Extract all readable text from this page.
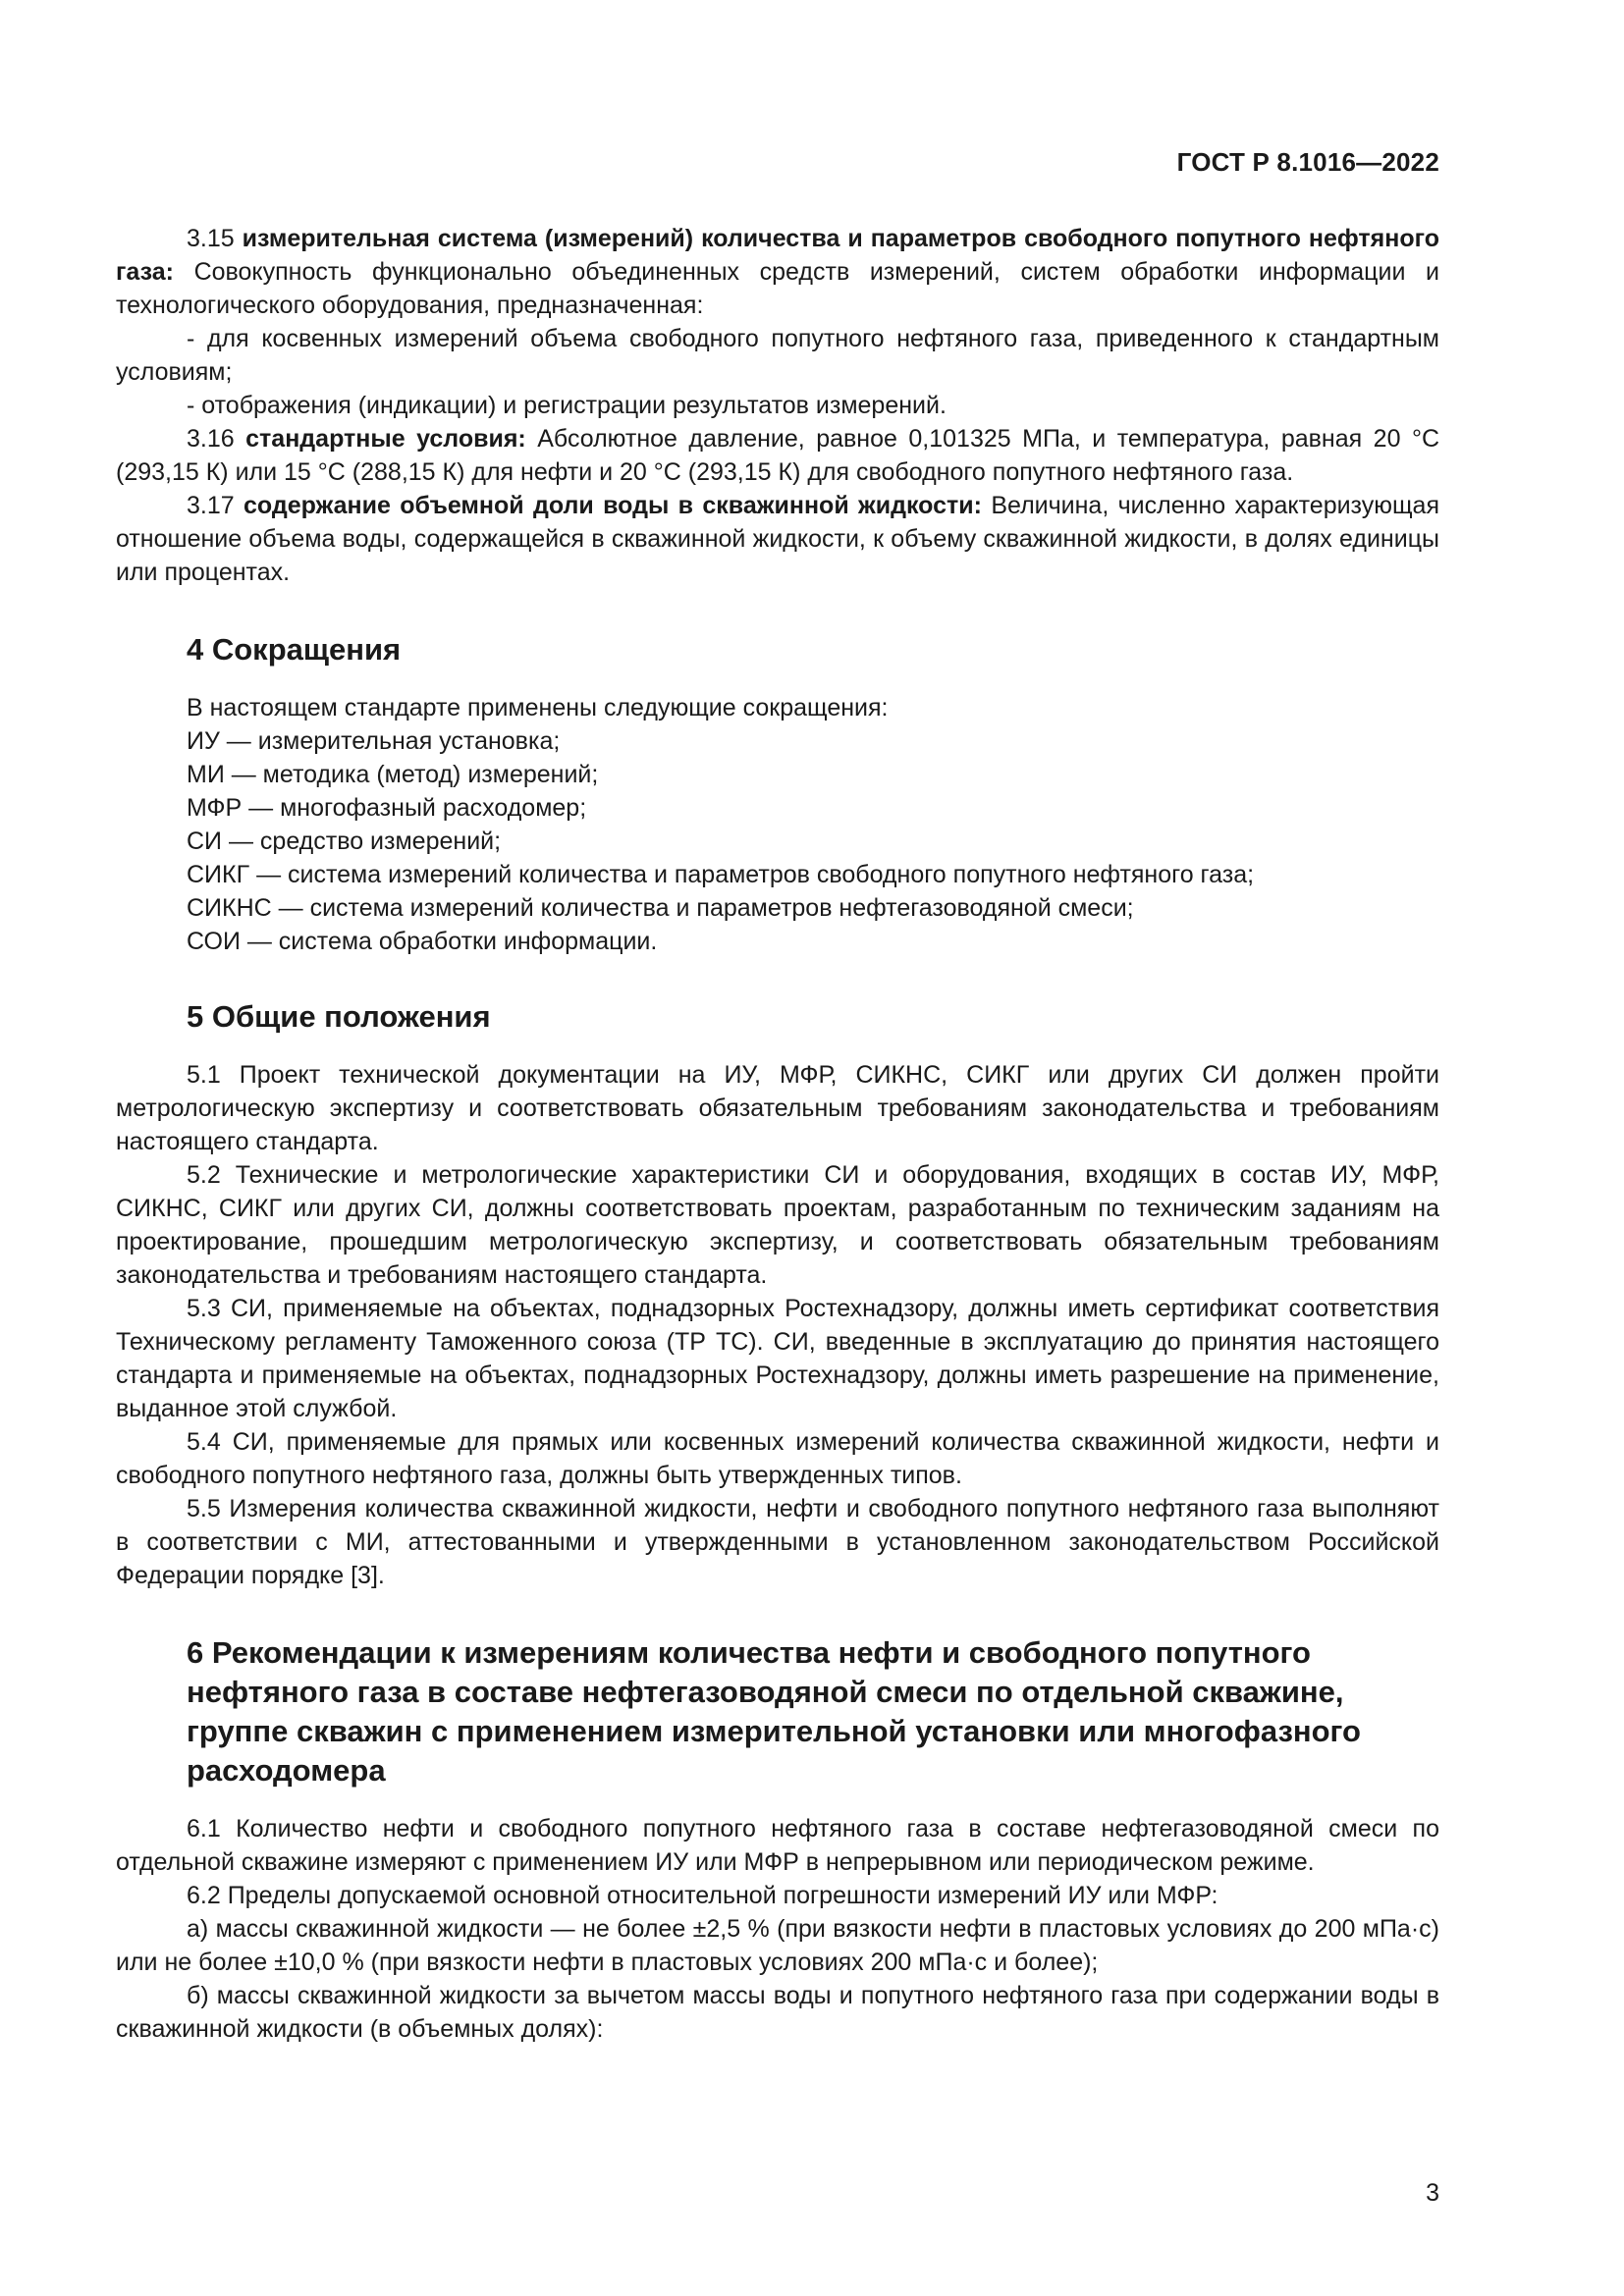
ГОСТ Р 8.1016—2022

3.15 измерительная система (измерений) количества и параметров свободного попутного нефтяного газа: Совокупность функционально объединенных средств измерений, систем обработки информации и технологического оборудования, предназначенная:

- для косвенных измерений объема свободного попутного нефтяного газа, приведенного к стандартным условиям;

- отображения (индикации) и регистрации результатов измерений.

3.16 стандартные условия: Абсолютное давление, равное 0,101325 МПа, и температура, равная 20 °С (293,15 К) или 15 °С (288,15 К) для нефти и 20 °С (293,15 К) для свободного попутного нефтяного газа.

3.17 содержание объемной доли воды в скважинной жидкости: Величина, численно характеризующая отношение объема воды, содержащейся в скважинной жидкости, к объему скважинной жидкости, в долях единицы или процентах.

4 Сокращения

В настоящем стандарте применены следующие сокращения:

ИУ — измерительная установка;

МИ — методика (метод) измерений;

МФР — многофазный расходомер;

СИ — средство измерений;

СИКГ — система измерений количества и параметров свободного попутного нефтяного газа;

СИКНС — система измерений количества и параметров нефтегазоводяной смеси;

СОИ — система обработки информации.

5 Общие положения

5.1 Проект технической документации на ИУ, МФР, СИКНС, СИКГ или других СИ должен пройти метрологическую экспертизу и соответствовать обязательным требованиям законодательства и требованиям настоящего стандарта.

5.2 Технические и метрологические характеристики СИ и оборудования, входящих в состав ИУ, МФР, СИКНС, СИКГ или других СИ, должны соответствовать проектам, разработанным по техническим заданиям на проектирование, прошедшим метрологическую экспертизу, и соответствовать обязательным требованиям законодательства и требованиям настоящего стандарта.

5.3 СИ, применяемые на объектах, поднадзорных Ростехнадзору, должны иметь сертификат соответствия Техническому регламенту Таможенного союза (ТР ТС). СИ, введенные в эксплуатацию до принятия настоящего стандарта и применяемые на объектах, поднадзорных Ростехнадзору, должны иметь разрешение на применение, выданное этой службой.

5.4 СИ, применяемые для прямых или косвенных измерений количества скважинной жидкости, нефти и свободного попутного нефтяного газа, должны быть утвержденных типов.

5.5 Измерения количества скважинной жидкости, нефти и свободного попутного нефтяного газа выполняют в соответствии с МИ, аттестованными и утвержденными в установленном законодательством Российской Федерации порядке [3].

6 Рекомендации к измерениям количества нефти и свободного попутного нефтяного газа в составе нефтегазоводяной смеси по отдельной скважине, группе скважин с применением измерительной установки или многофазного расходомера

6.1 Количество нефти и свободного попутного нефтяного газа в составе нефтегазоводяной смеси по отдельной скважине измеряют с применением ИУ или МФР в непрерывном или периодическом режиме.

6.2 Пределы допускаемой основной относительной погрешности измерений ИУ или МФР:

а) массы скважинной жидкости — не более ±2,5 % (при вязкости нефти в пластовых условиях до 200 мПа·с) или не более ±10,0 % (при вязкости нефти в пластовых условиях 200 мПа·с и более);

б) массы скважинной жидкости за вычетом массы воды и попутного нефтяного газа при содержании воды в скважинной жидкости (в объемных долях):

3
